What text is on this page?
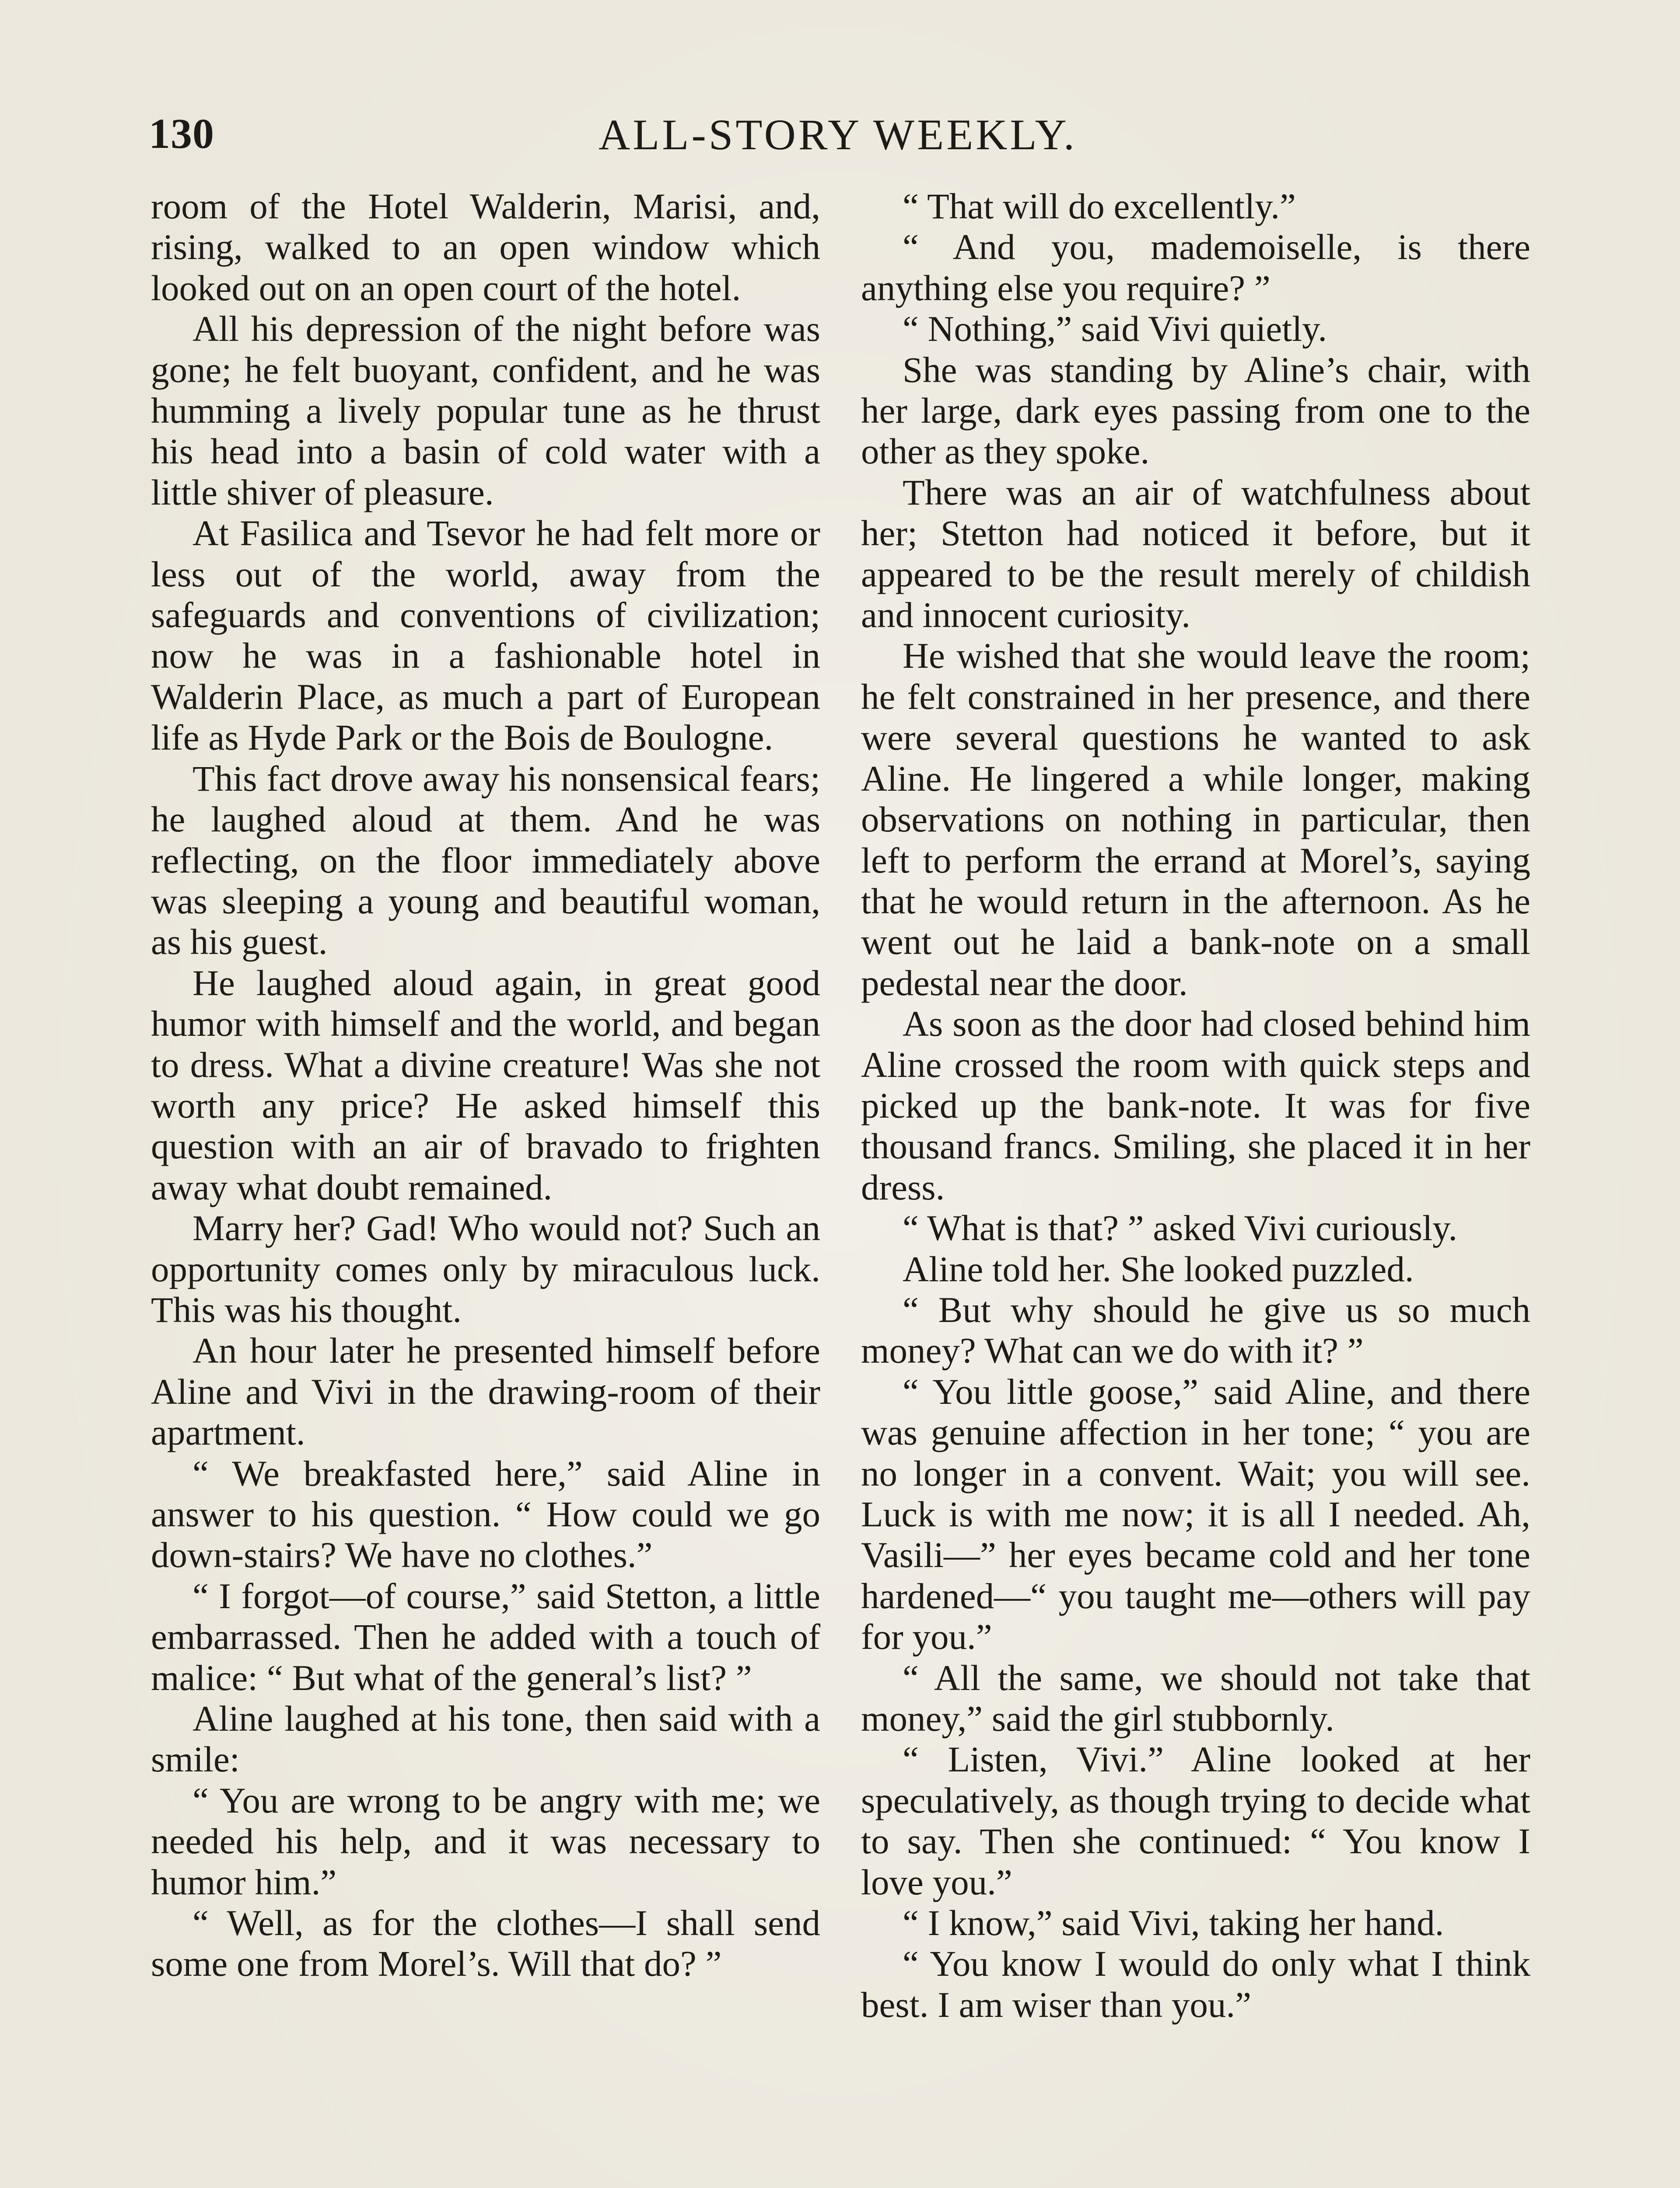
130	ALL-STORY WEEKLY.

room of the Hotel Walderin, Marisi, and, rising, walked to an open window which looked out on an open court of the hotel.

All his depression of the night before was gone; he felt buoyant, confident, and he was humming a lively popular tune as he thrust his head into a basin of cold water with a little shiver of pleasure.

At Fasilica and Tsevor he had felt more or less out of the world, away from the safeguards and conventions of civilization; now he was in a fashionable hotel in Walderin Place, as much a part of European life as Hyde Park or the Bois de Boulogne.

This fact drove away his nonsensical fears; he laughed aloud at them. And he was reflecting, on the floor immediately above was sleeping a young and beautiful woman, as his guest.

He laughed aloud again, in great good humor with himself and the world, and began to dress. What a divine creature! Was she not worth any price? He asked himself this question with an air of bravado to frighten away what doubt remained.

Marry her? Gad! Who would not? Such an opportunity comes only by miraculous luck. This was his thought.

An hour later he presented himself before Aline and Vivi in the drawing-room of their apartment.

“ We breakfasted here,” said Aline in answer to his question. “ How could we go down-stairs? We have no clothes.”

“ I forgot—of course,” said Stetton, a little embarrassed. Then he added with a touch of malice: “ But what of the general’s list? ”

Aline laughed at his tone, then said with a smile:

“ You are wrong to be angry with me; we needed his help, and it was necessary to humor him.”

“ Well, as for the clothes—I shall send some one from Morel’s. Will that do? ”

“ That will do excellently.”

“ And you, mademoiselle, is there anything else you require? ”

“ Nothing,” said Vivi quietly.

She was standing by Aline’s chair, with her large, dark eyes passing from one to the other as they spoke.

There was an air of watchfulness about her; Stetton had noticed it before, but it appeared to be the result merely of childish and innocent curiosity.

He wished that she would leave the room; he felt constrained in her presence, and there were several questions he wanted to ask Aline. He lingered a while longer, making observations on nothing in particular, then left to perform the errand at Morel’s, saying that he would return in the afternoon. As he went out he laid a bank-note on a small pedestal near the door.

As soon as the door had closed behind him Aline crossed the room with quick steps and picked up the bank-note. It was for five thousand francs. Smiling, she placed it in her dress.

“ What is that? ” asked Vivi curiously.

Aline told her. She looked puzzled.

“ But why should he give us so much money? What can we do with it? ”

“ You little goose,” said Aline, and there was genuine affection in her tone; “ you are no longer in a convent. Wait; you will see. Luck is with me now; it is all I needed. Ah, Vasili—” her eyes became cold and her tone hardened—“ you taught me—others will pay for you.”

“ All the same, we should not take that money,” said the girl stubbornly.

“ Listen, Vivi.” Aline looked at her speculatively, as though trying to decide what to say. Then she continued: “ You know I love you.”

“ I know,” said Vivi, taking her hand.

“ You know I would do only what I think best. I am wiser than you.”
